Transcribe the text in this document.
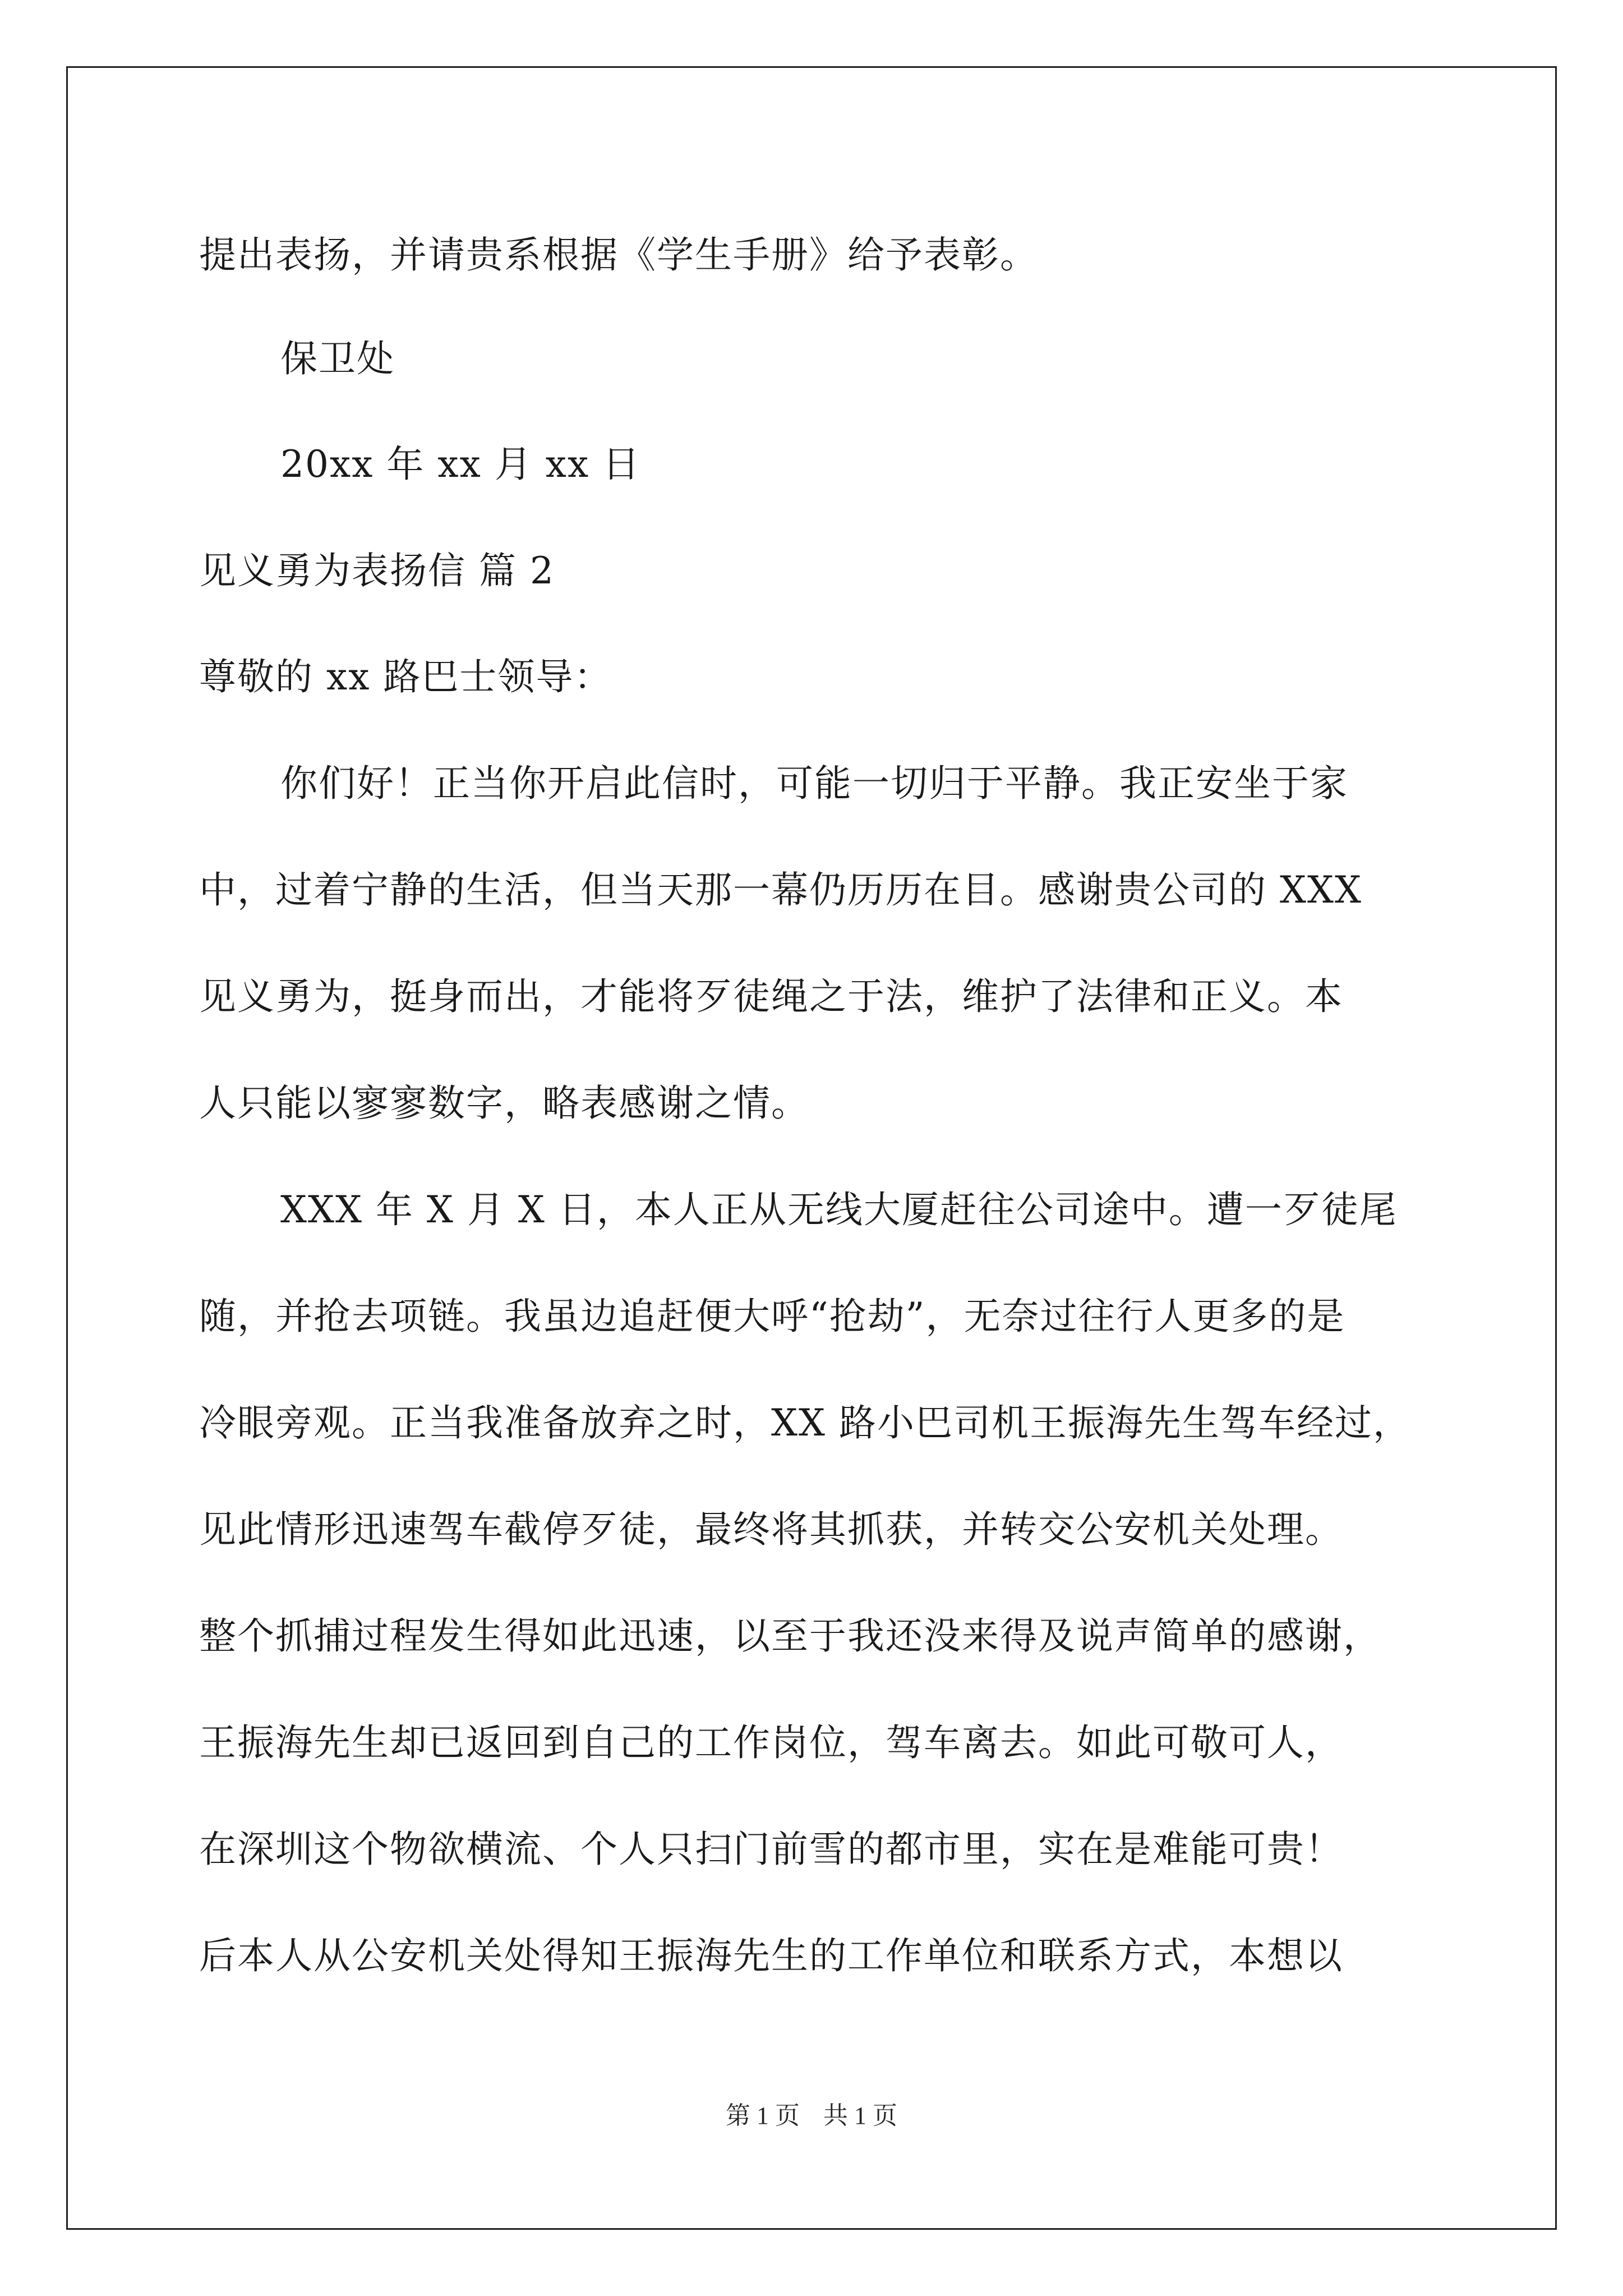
提出表扬，并请贵系根据《学生手册》给予表彰。
保卫处
20xx 年 xx 月 xx 日
见义勇为表扬信 篇 2
尊敬的 xx 路巴士领导：
你们好！正当你开启此信时，可能一切归于平静。我正安坐于家
中，过着宁静的生活，但当天那一幕仍历历在目。感谢贵公司的 XXX
见义勇为，挺身而出，才能将歹徒绳之于法，维护了法律和正义。本
人只能以寥寥数字，略表感谢之情。
XXX 年 X 月 X 日，本人正从无线大厦赶往公司途中。遭一歹徒尾
随，并抢去项链。我虽边追赶便大呼“抢劫”，无奈过往行人更多的是
冷眼旁观。正当我准备放弃之时，XX 路小巴司机王振海先生驾车经过，
见此情形迅速驾车截停歹徒，最终将其抓获，并转交公安机关处理。
整个抓捕过程发生得如此迅速，以至于我还没来得及说声简单的感谢，
王振海先生却已返回到自己的工作岗位，驾车离去。如此可敬可人，
在深圳这个物欲横流、个人只扫门前雪的都市里，实在是难能可贵！
后本人从公安机关处得知王振海先生的工作单位和联系方式，本想以
第 1 页 共 1 页
